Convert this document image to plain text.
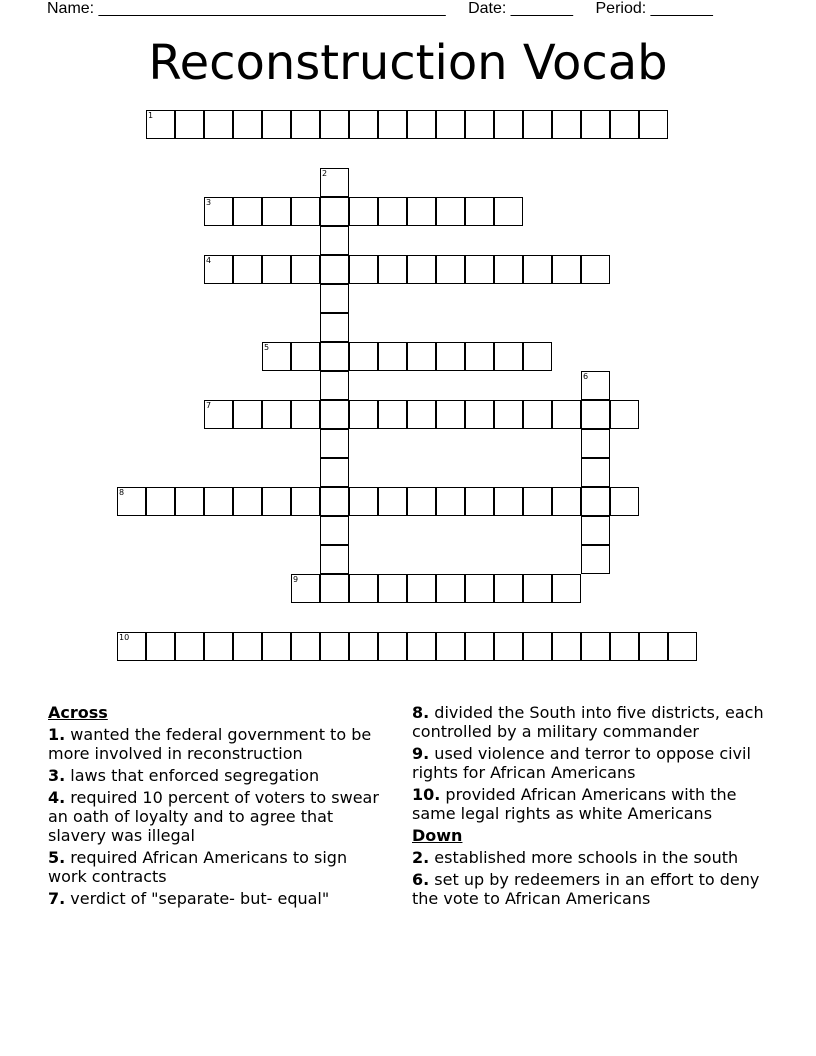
Name: _______________________________________ Date: _______ Period: _______
Reconstruction Vocab
1
2
3
4
5
6
7
8
9
10
Across
1. wanted the federal government to be more involved in reconstruction
3. laws that enforced segregation
4. required 10 percent of voters to swear an oath of loyalty and to agree that slavery was illegal
5. required African Americans to sign work contracts
7. verdict of "separate- but- equal"
8. divided the South into five districts, each controlled by a military commander
9. used violence and terror to oppose civil rights for African Americans
10. provided African Americans with the same legal rights as white Americans
Down
2. established more schools in the south
6. set up by redeemers in an effort to deny the vote to African Americans
